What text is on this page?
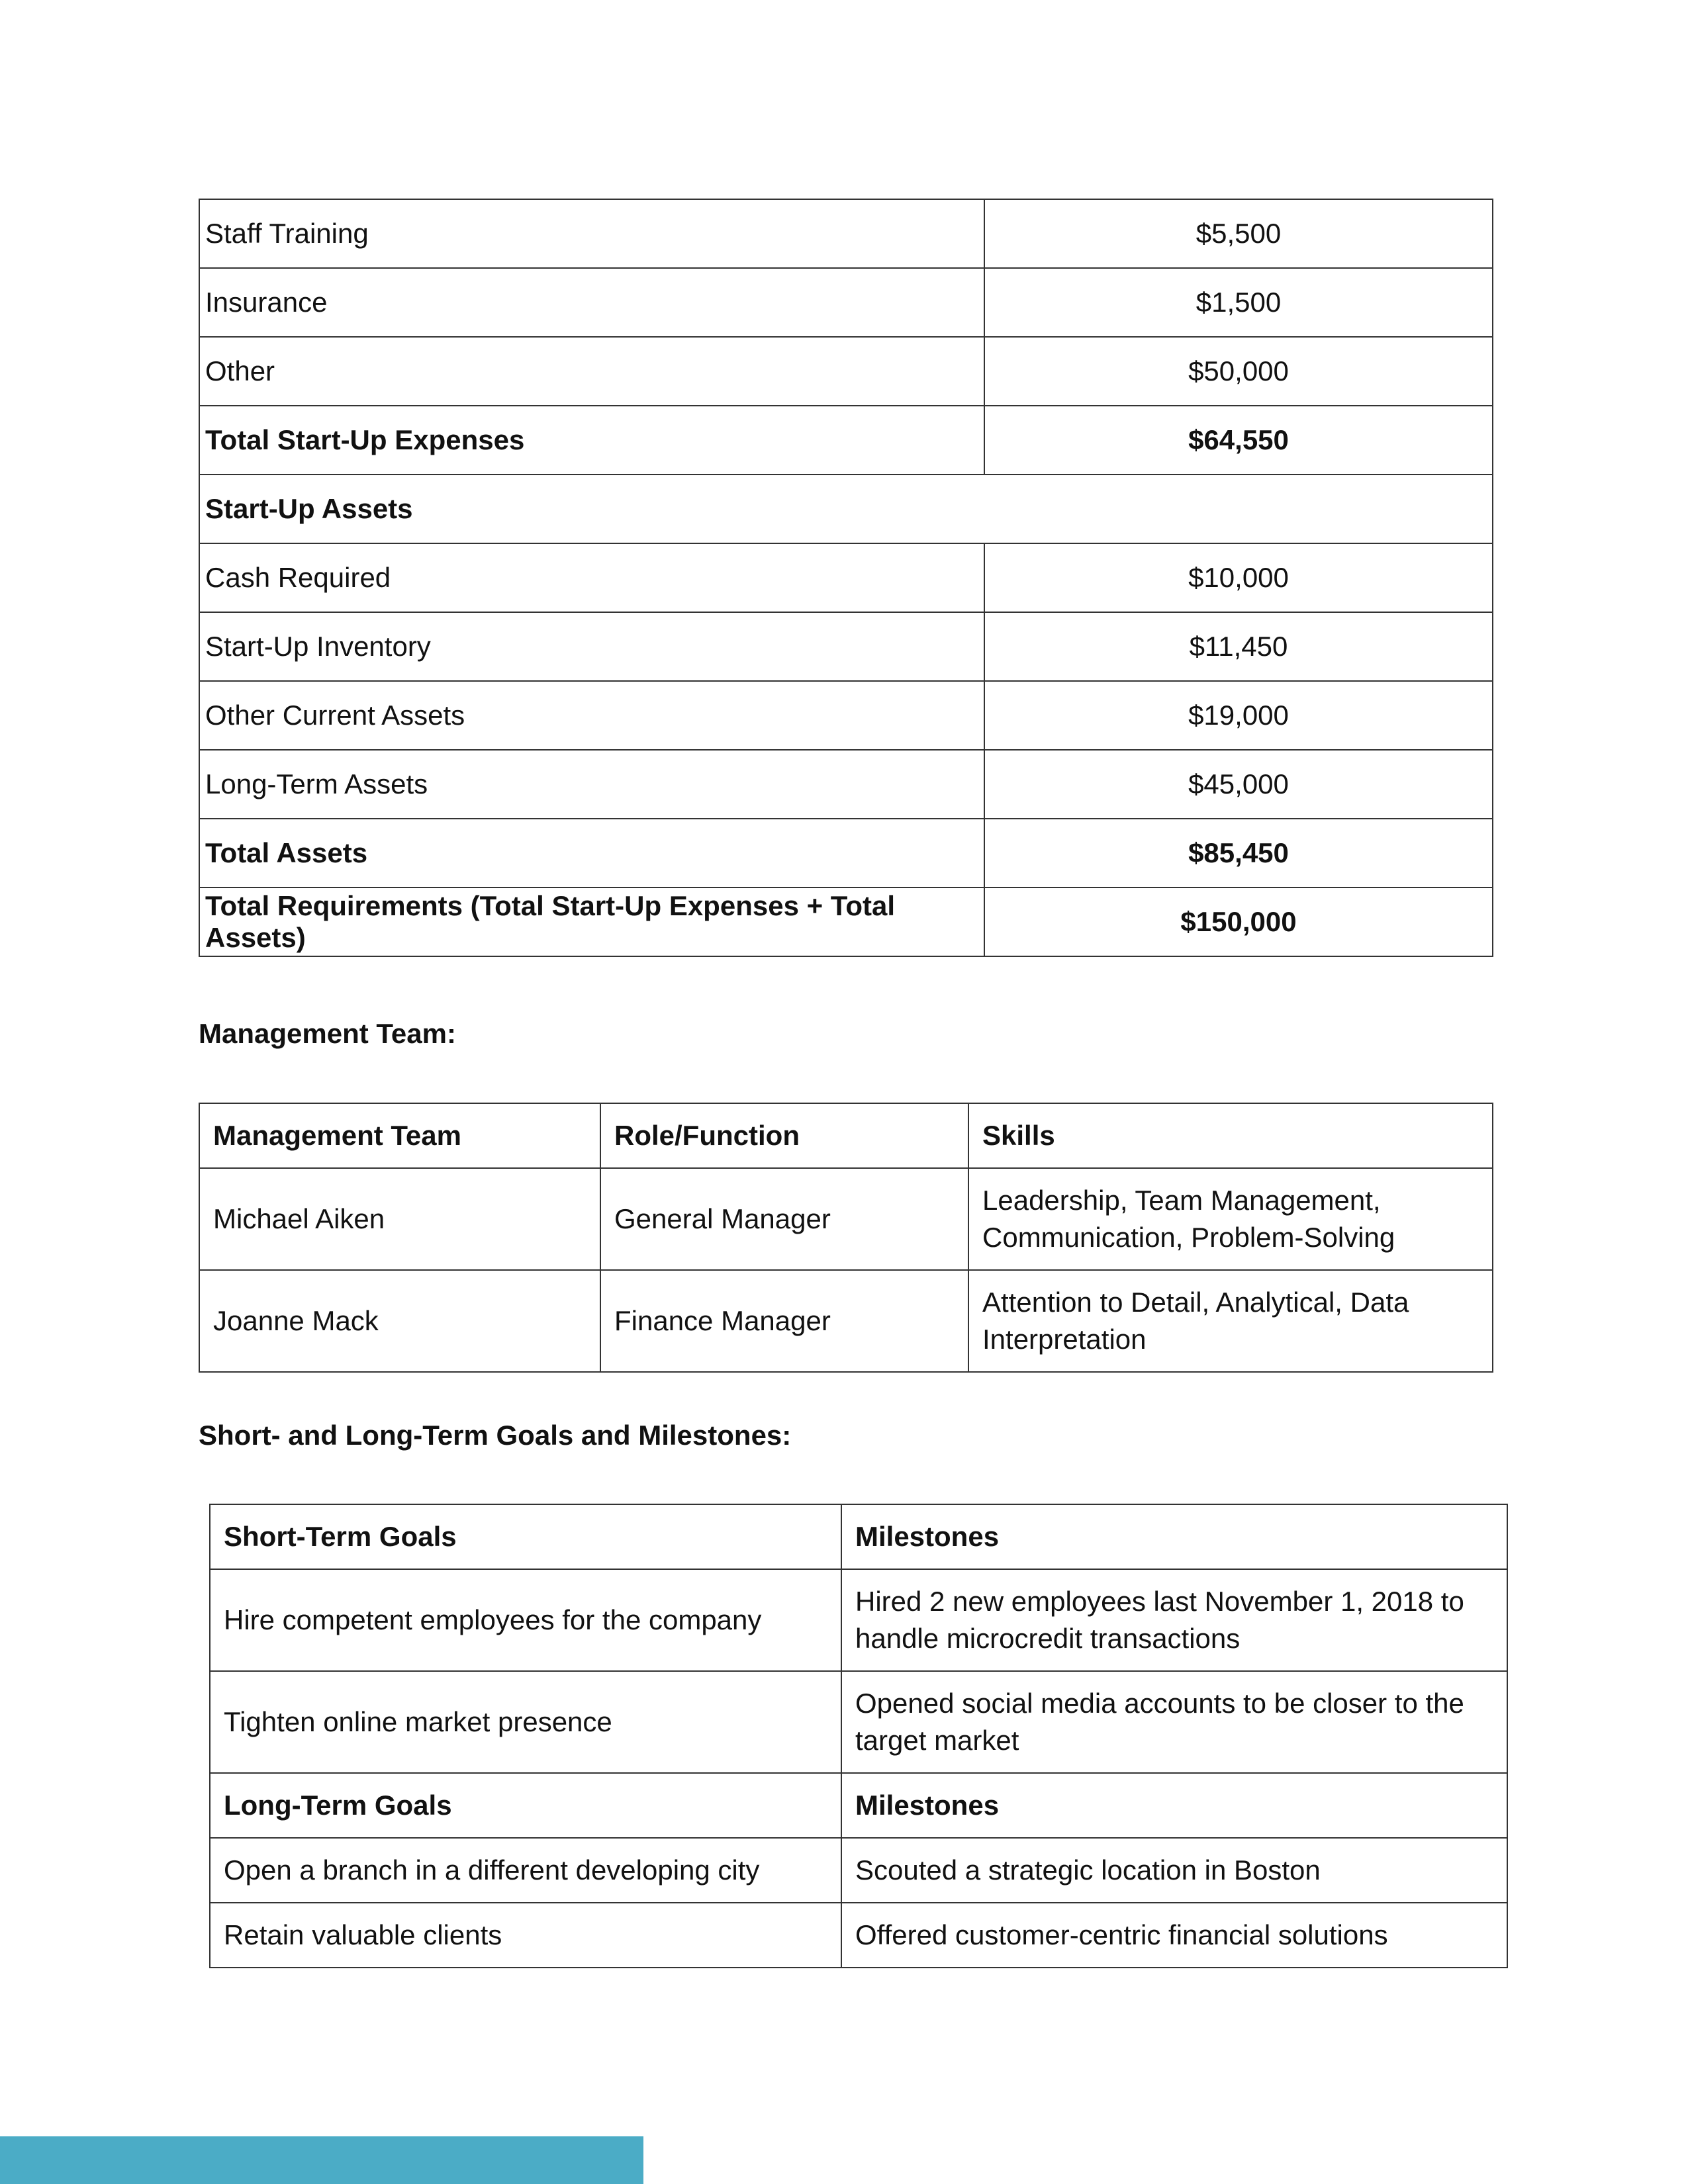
Staff Training	$5,500
Insurance	$1,500
Other	$50,000
Total Start-Up Expenses	$64,550
Start-Up Assets	
Cash Required	$10,000
Start-Up Inventory	$11,450
Other Current Assets	$19,000
Long-Term Assets	$45,000
Total Assets	$85,450
Total Requirements (Total Start-Up Expenses + Total Assets)	$150,000

Management Team:

Management Team	Role/Function	Skills
Michael Aiken	General Manager	Leadership, Team Management, Communication, Problem-Solving
Joanne Mack	Finance Manager	Attention to Detail, Analytical, Data Interpretation

Short- and Long-Term Goals and Milestones:

Short-Term Goals	Milestones
Hire competent employees for the company	Hired 2 new employees last November 1, 2018 to handle microcredit transactions
Tighten online market presence	Opened social media accounts to be closer to the target market
Long-Term Goals	Milestones
Open a branch in a different developing city	Scouted a strategic location in Boston
Retain valuable clients	Offered customer-centric financial solutions
